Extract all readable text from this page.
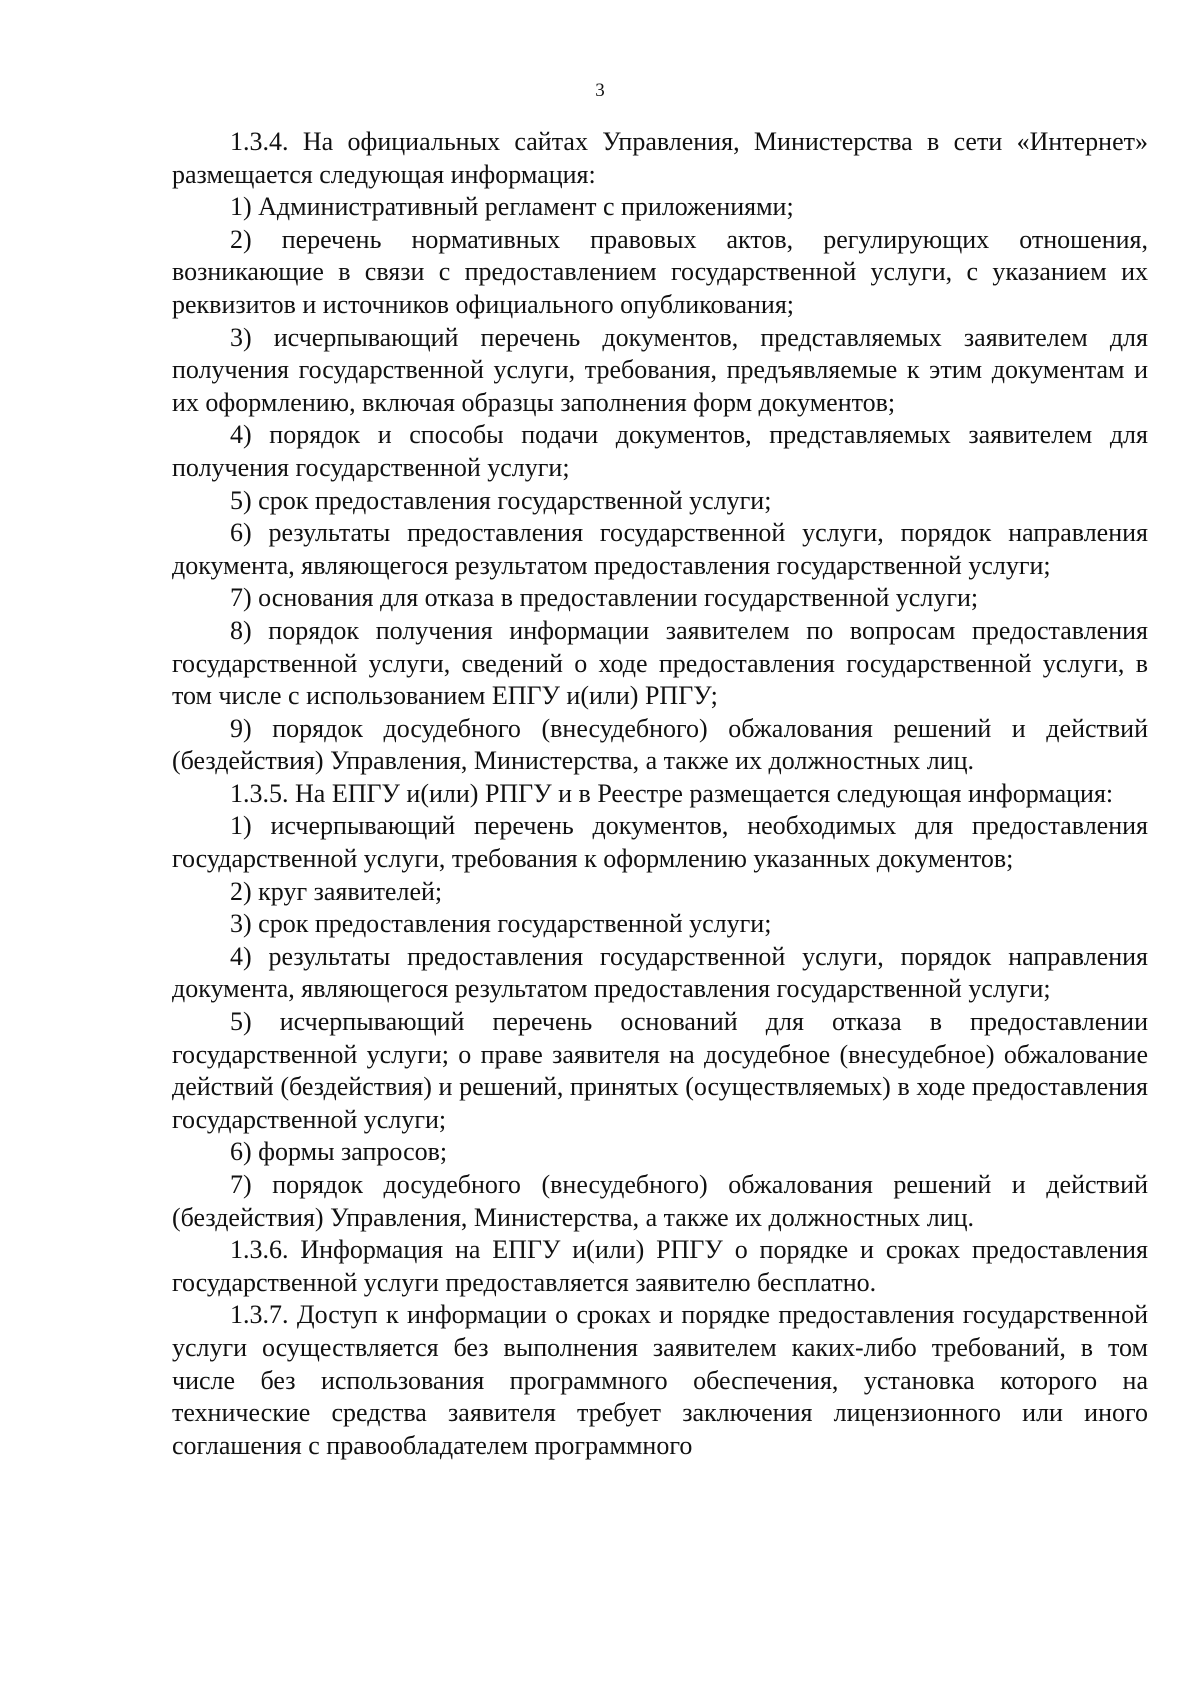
3

1.3.4. На официальных сайтах Управления, Министерства в сети «Интернет» размещается следующая информация:

1) Административный регламент с приложениями;

2) перечень нормативных правовых актов, регулирующих отношения, возникающие в связи с предоставлением государственной услуги, с указанием их реквизитов и источников официального опубликования;

3) исчерпывающий перечень документов, представляемых заявителем для получения государственной услуги, требования, предъявляемые к этим документам и их оформлению, включая образцы заполнения форм документов;

4) порядок и способы подачи документов, представляемых заявителем для получения государственной услуги;

5) срок предоставления государственной услуги;

6) результаты предоставления государственной услуги, порядок направления документа, являющегося результатом предоставления государственной услуги;

7) основания для отказа в предоставлении государственной услуги;

8) порядок получения информации заявителем по вопросам предоставления государственной услуги, сведений о ходе предоставления государственной услуги, в том числе с использованием ЕПГУ и(или) РПГУ;

9) порядок досудебного (внесудебного) обжалования решений и действий (бездействия) Управления, Министерства, а также их должностных лиц.

1.3.5. На ЕПГУ и(или) РПГУ и в Реестре размещается следующая информация:

1) исчерпывающий перечень документов, необходимых для предоставления государственной услуги, требования к оформлению указанных документов;

2) круг заявителей;

3) срок предоставления государственной услуги;

4) результаты предоставления государственной услуги, порядок направления документа, являющегося результатом предоставления государственной услуги;

5) исчерпывающий перечень оснований для отказа в предоставлении государственной услуги; о праве заявителя на досудебное (внесудебное) обжалование действий (бездействия) и решений, принятых (осуществляемых) в ходе предоставления государственной услуги;

6) формы запросов;

7) порядок досудебного (внесудебного) обжалования решений и действий (бездействия) Управления, Министерства, а также их должностных лиц.

1.3.6. Информация на ЕПГУ и(или) РПГУ о порядке и сроках предоставления государственной услуги предоставляется заявителю бесплатно.

1.3.7. Доступ к информации о сроках и порядке предоставления государственной услуги осуществляется без выполнения заявителем каких-либо требований, в том числе без использования программного обеспечения, установка которого на технические средства заявителя требует заключения лицензионного или иного соглашения с правообладателем программного
